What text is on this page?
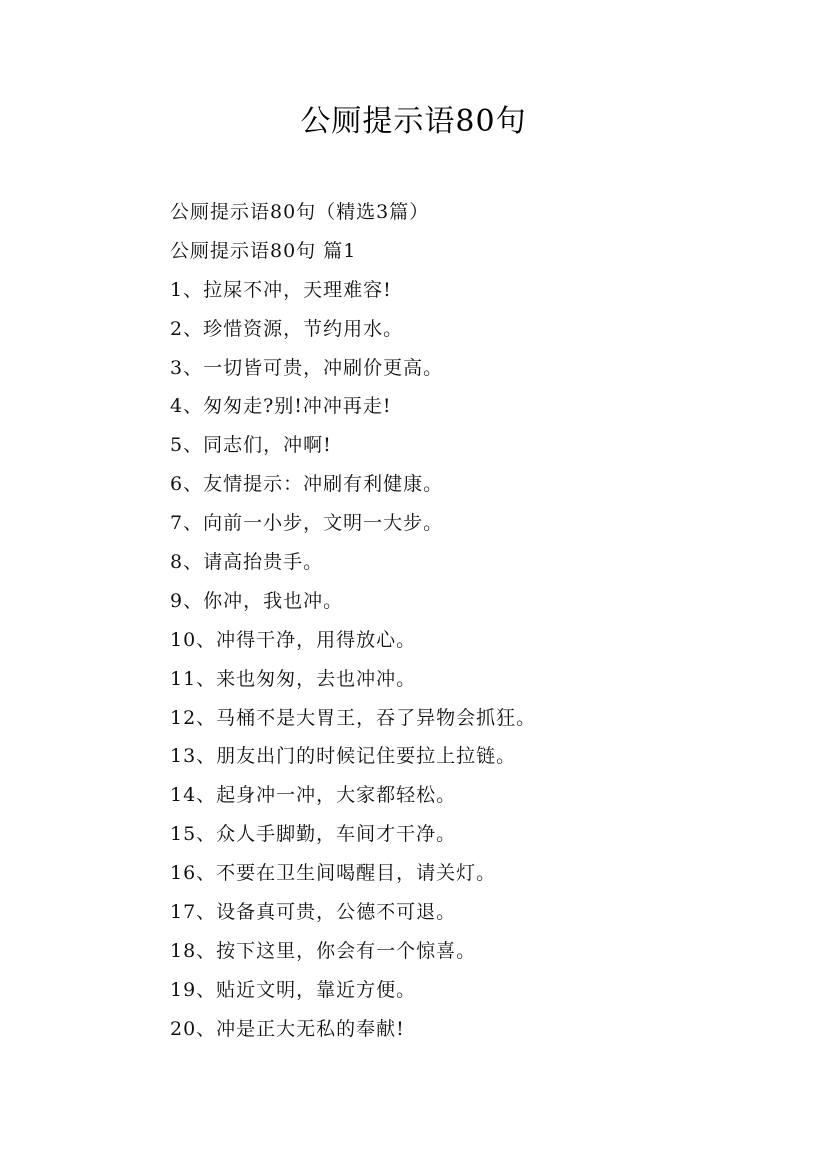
公厕提示语80句
公厕提示语80句（精选3篇）
公厕提示语80句 篇1
1、拉屎不冲，天理难容!
2、珍惜资源，节约用水。
3、一切皆可贵，冲刷价更高。
4、匆匆走?别!冲冲再走!
5、同志们，冲啊!
6、友情提示：冲刷有利健康。
7、向前一小步，文明一大步。
8、请高抬贵手。
9、你冲，我也冲。
10、冲得干净，用得放心。
11、来也匆匆，去也冲冲。
12、马桶不是大胃王，吞了异物会抓狂。
13、朋友出门的时候记住要拉上拉链。
14、起身冲一冲，大家都轻松。
15、众人手脚勤，车间才干净。
16、不要在卫生间喝醒目，请关灯。
17、设备真可贵，公德不可退。
18、按下这里，你会有一个惊喜。
19、贴近文明，靠近方便。
20、冲是正大无私的奉献!
